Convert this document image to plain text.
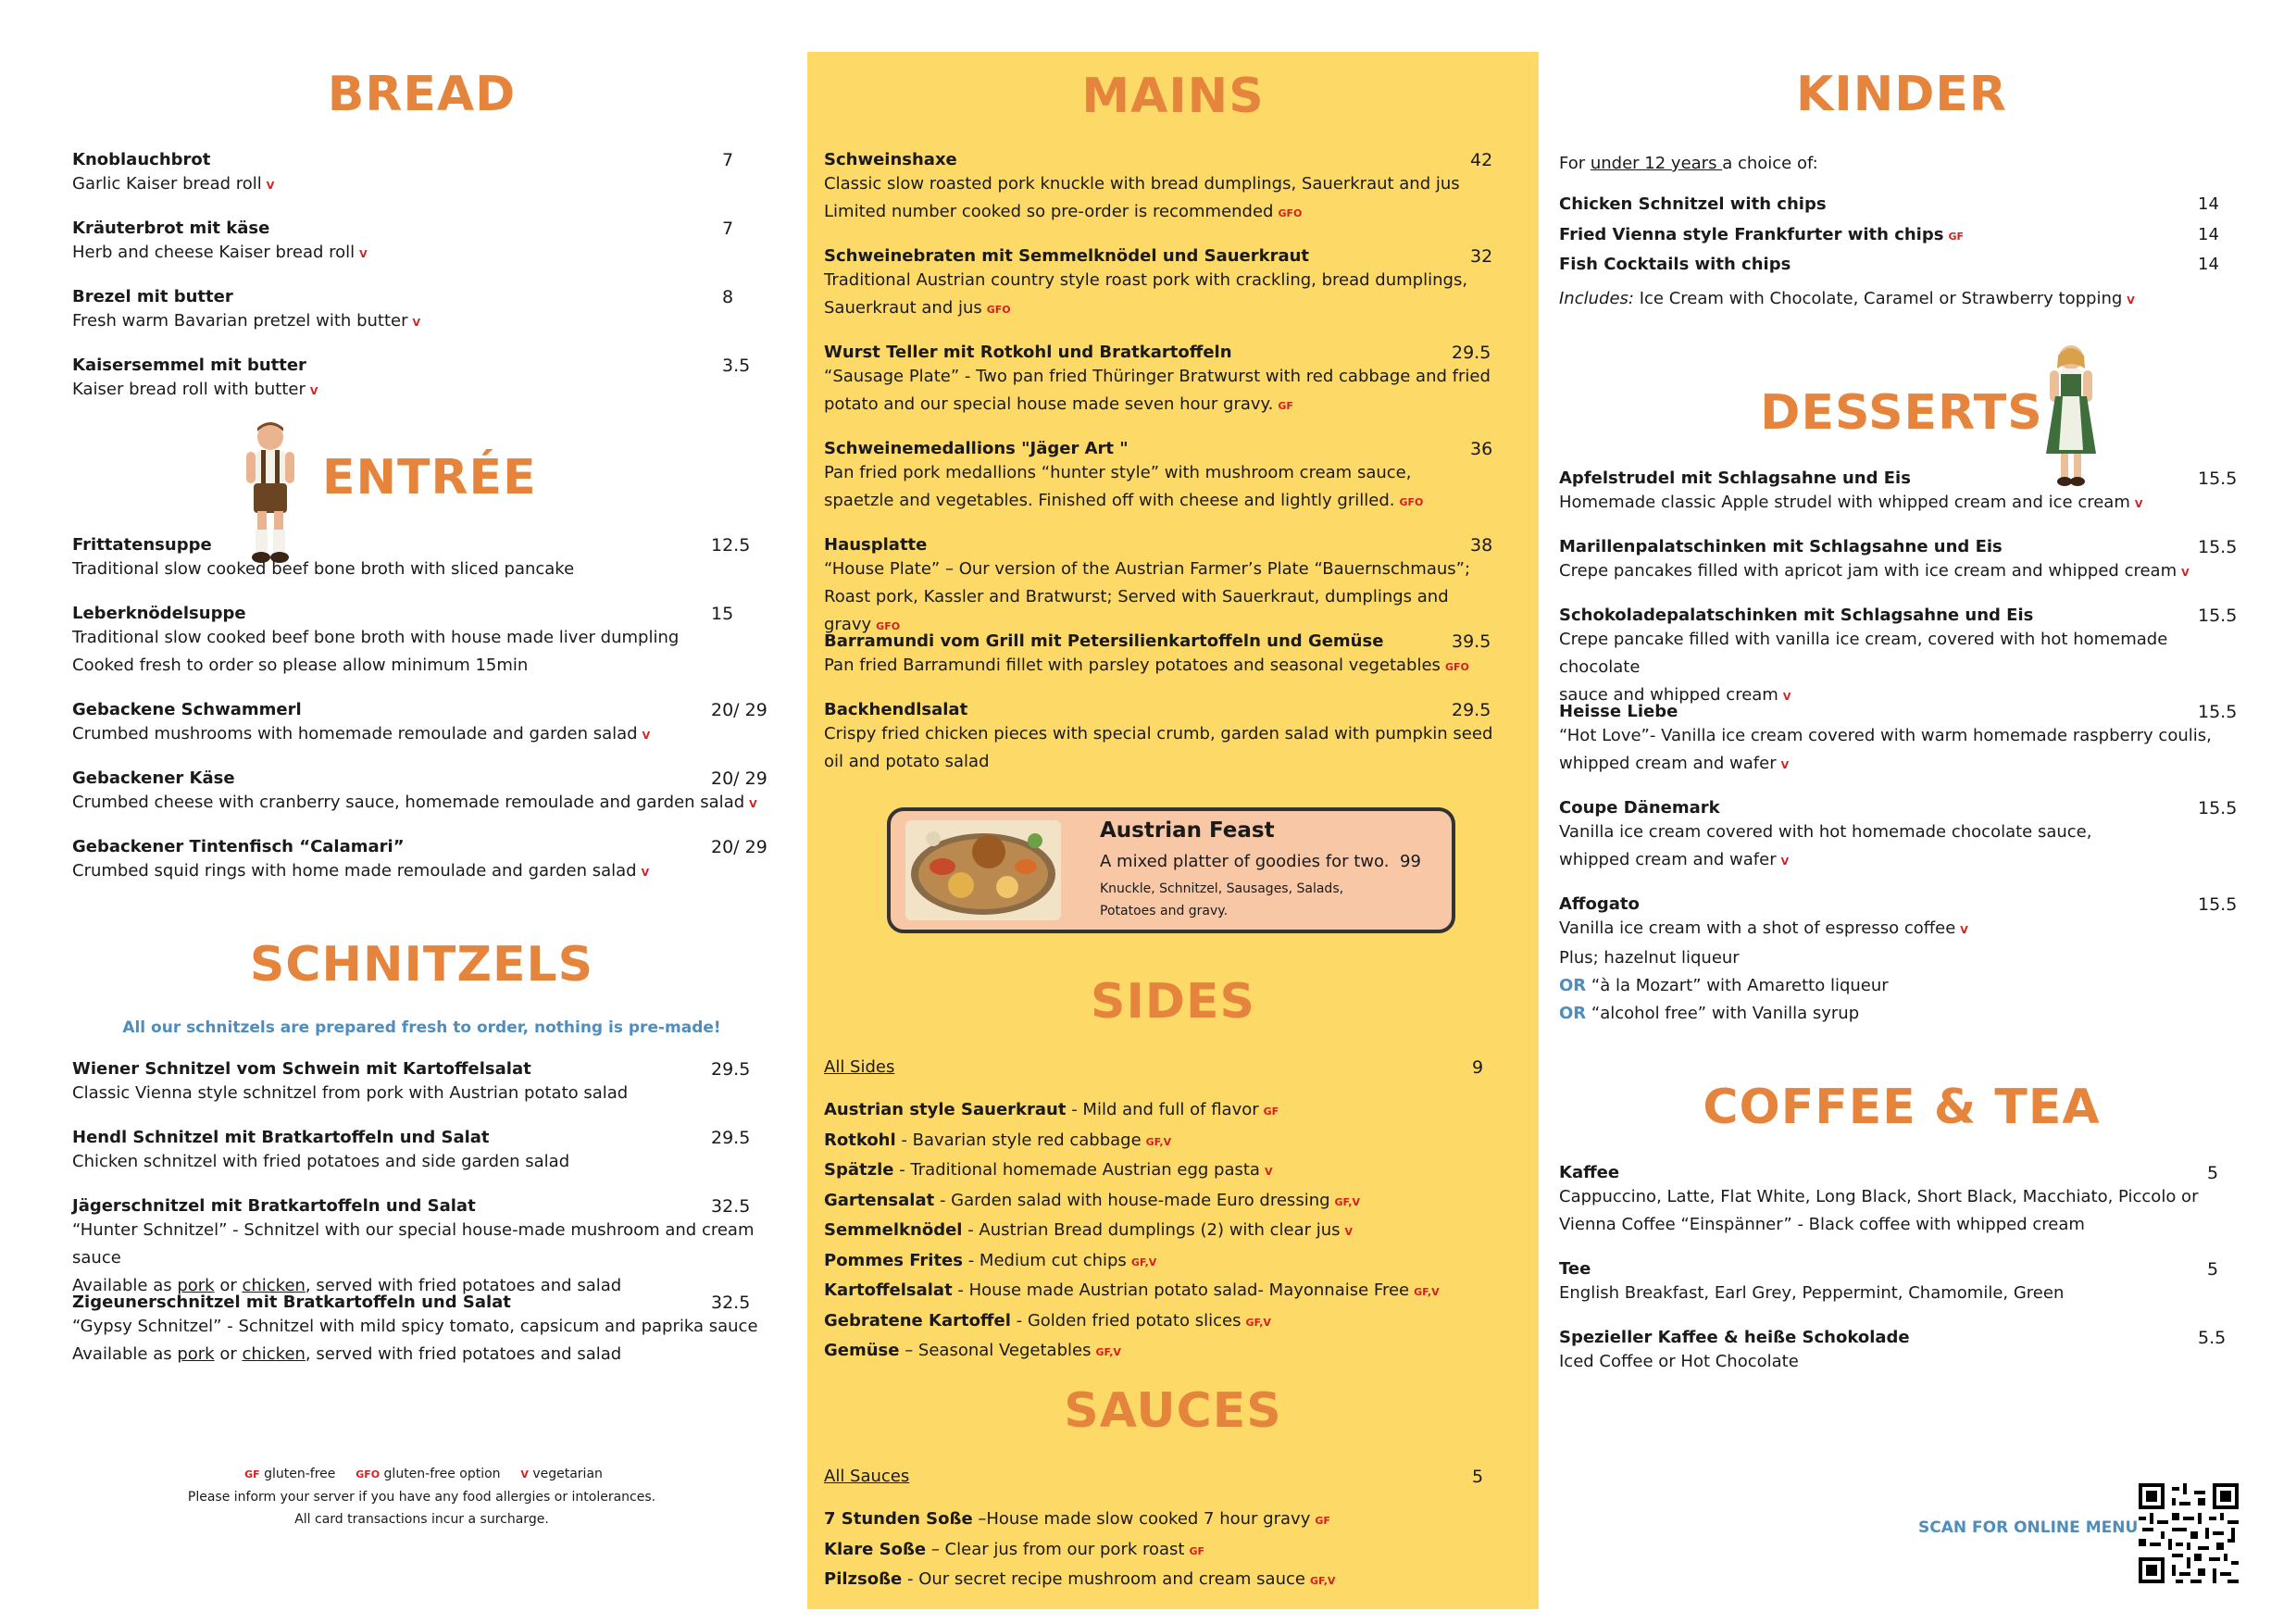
BREAD
Knoblauchbrot	7
Garlic Kaiser bread roll V
Kräuterbrot mit käse	7
Herb and cheese Kaiser bread roll V
Brezel mit butter	8
Fresh warm Bavarian pretzel with butter V
Kaisersemmel mit butter	3.5
Kaiser bread roll with butter V
ENTRÉE
Frittatensuppe	12.5
Traditional slow cooked beef bone broth with sliced pancake
Leberknödelsuppe	15
Traditional slow cooked beef bone broth with house made liver dumpling
Cooked fresh to order so please allow minimum 15min
Gebackene Schwammerl	20/ 29
Crumbed mushrooms with homemade remoulade and garden salad V
Gebackener Käse	20/ 29
Crumbed cheese with cranberry sauce, homemade remoulade and garden salad V
Gebackener Tintenfisch “Calamari”	20/ 29
Crumbed squid rings with home made remoulade and garden salad V
SCHNITZELS
All our schnitzels are prepared fresh to order, nothing is pre-made!
Wiener Schnitzel vom Schwein mit Kartoffelsalat	29.5
Classic Vienna style schnitzel from pork with Austrian potato salad
Hendl Schnitzel mit Bratkartoffeln und Salat	29.5
Chicken schnitzel with fried potatoes and side garden salad
Jägerschnitzel mit Bratkartoffeln und Salat	32.5
“Hunter Schnitzel” - Schnitzel with our special house-made mushroom and cream sauce
Available as pork or chicken, served with fried potatoes and salad
Zigeunerschnitzel mit Bratkartoffeln und Salat	32.5
“Gypsy Schnitzel” - Schnitzel with mild spicy tomato, capsicum and paprika sauce
Available as pork or chicken, served with fried potatoes and salad
GF gluten-free GFO gluten-free option V vegetarian
Please inform your server if you have any food allergies or intolerances.
All card transactions incur a surcharge.
MAINS
Schweinshaxe	42
Classic slow roasted pork knuckle with bread dumplings, Sauerkraut and jus
Limited number cooked so pre-order is recommended GFO
Schweinebraten mit Semmelknödel und Sauerkraut	32
Traditional Austrian country style roast pork with crackling, bread dumplings,
Sauerkraut and jus GFO
Wurst Teller mit Rotkohl und Bratkartoffeln	29.5
“Sausage Plate” - Two pan fried Thüringer Bratwurst with red cabbage and fried
potato and our special house made seven hour gravy. GF
Schweinemedallions "Jäger Art "	36
Pan fried pork medallions “hunter style” with mushroom cream sauce,
spaetzle and vegetables. Finished off with cheese and lightly grilled. GFO
Hausplatte	38
“House Plate” – Our version of the Austrian Farmer’s Plate “Bauernschmaus”;
Roast pork, Kassler and Bratwurst; Served with Sauerkraut, dumplings and gravy GFO
Barramundi vom Grill mit Petersilienkartoffeln und Gemüse	39.5
Pan fried Barramundi fillet with parsley potatoes and seasonal vegetables GFO
Backhendlsalat	29.5
Crispy fried chicken pieces with special crumb, garden salad with pumpkin seed
oil and potato salad
Austrian Feast
A mixed platter of goodies for two. 99
Knuckle, Schnitzel, Sausages, Salads,
Potatoes and gravy.
SIDES
All Sides	9
Austrian style Sauerkraut - Mild and full of flavor GF
Rotkohl - Bavarian style red cabbage GF,V
Spätzle - Traditional homemade Austrian egg pasta V
Gartensalat - Garden salad with house-made Euro dressing GF,V
Semmelknödel - Austrian Bread dumplings (2) with clear jus V
Pommes Frites - Medium cut chips GF,V
Kartoffelsalat - House made Austrian potato salad- Mayonnaise Free GF,V
Gebratene Kartoffel - Golden fried potato slices GF,V
Gemüse – Seasonal Vegetables GF,V
SAUCES
All Sauces	5
7 Stunden Soße –House made slow cooked 7 hour gravy GF
Klare Soße – Clear jus from our pork roast GF
Pilzsoße - Our secret recipe mushroom and cream sauce GF,V
KINDER
For under 12 years a choice of:
Chicken Schnitzel with chips	14
Fried Vienna style Frankfurter with chips GF	14
Fish Cocktails with chips	14
Includes: Ice Cream with Chocolate, Caramel or Strawberry topping V
DESSERTS
Apfelstrudel mit Schlagsahne und Eis	15.5
Homemade classic Apple strudel with whipped cream and ice cream V
Marillenpalatschinken mit Schlagsahne und Eis	15.5
Crepe pancakes filled with apricot jam with ice cream and whipped cream V
Schokoladepalatschinken mit Schlagsahne und Eis	15.5
Crepe pancake filled with vanilla ice cream, covered with hot homemade chocolate
sauce and whipped cream V
Heisse Liebe	15.5
“Hot Love”- Vanilla ice cream covered with warm homemade raspberry coulis,
whipped cream and wafer V
Coupe Dänemark	15.5
Vanilla ice cream covered with hot homemade chocolate sauce,
whipped cream and wafer V
Affogato	15.5
Vanilla ice cream with a shot of espresso coffee V
Plus; hazelnut liqueur
OR “à la Mozart” with Amaretto liqueur
OR “alcohol free” with Vanilla syrup
COFFEE & TEA
Kaffee	5
Cappuccino, Latte, Flat White, Long Black, Short Black, Macchiato, Piccolo or
Vienna Coffee “Einspänner” - Black coffee with whipped cream
Tee	5
English Breakfast, Earl Grey, Peppermint, Chamomile, Green
Spezieller Kaffee & heiße Schokolade	5.5
Iced Coffee or Hot Chocolate
SCAN FOR ONLINE MENU
